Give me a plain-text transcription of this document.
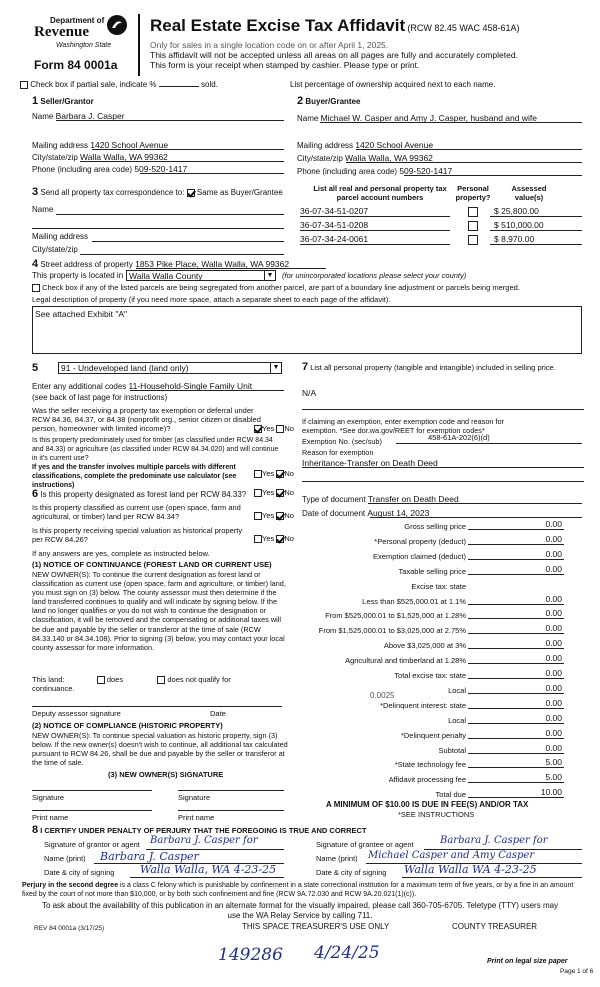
Department of
Revenue
Washington State
Form 84 0001a
Real Estate Excise Tax Affidavit (RCW 82.45 WAC 458-61A)
Only for sales in a single location code on or after April 1, 2025.
This affidavit will not be accepted unless all areas on all pages are fully and accurately completed.
This form is your receipt when stamped by cashier. Please type or print.
Check box if partial sale, indicate %	sold.	List percentage of ownership acquired next to each name.
1 Seller/Grantor
Name Barbara J. Casper
Mailing address 1420 School Avenue
City/state/zip Walla Walla, WA 99362
Phone (including area code) 509-520-1417
2 Buyer/Grantee
Name Michael W. Casper and Amy J. Casper, husband and wife
Mailing address 1420 School Avenue
City/state/zip Walla Walla, WA 99362
Phone (including area code) 509-520-1417
3 Send all property tax correspondence to: Same as Buyer/Grantee
Name
Mailing address
City/state/zip
List all real and personal property tax parcel account numbers
Personal property?
Assessed value(s)
36-07-34-51-0207	$ 25,800.00
36-07-34-51-0208	$ 510,000.00
36-07-34-24-0061	$ 8,970.00
4 Street address of property 1853 Pike Place, Walla Walla, WA 99362
This property is located in Walla Walla County	▼ (for unincorporated locations please select your county)
Check box if any of the listed parcels are being segregated from another parcel, are part of a boundary line adjustment or parcels being merged.
Legal description of property (if you need more space, attach a separate sheet to each page of the affidavit).
See attached Exhibit "A"
5	91 - Undeveloped land (land only)	▼
Enter any additional codes 11-Household-Single Family Unit
(see back of last page for instructions)
Was the seller receiving a property tax exemption or deferral under RCW 84.36, 84.37, or 84.38 (nonprofit org., senior citizen or disabled person, homeowner with limited income)?	Yes No
Is this property predominately used for timber (as classified under RCW 84.34 and 84.33) or agriculture (as classified under RCW 84.34.020) and will continue in it's current use?
If yes and the transfer involves multiple parcels with different classifications, complete the predominate use calculator (see instructions)
Yes No
6 Is this property designated as forest land per RCW 84.33?	Yes No
Is this property classified as current use (open space, farm and agricultural, or timber) land per RCW 84.34?	Yes No
Is this property receiving special valuation as historical property per RCW 84.26?	Yes No
If any answers are yes, complete as instructed below.
(1) NOTICE OF CONTINUANCE (FOREST LAND OR CURRENT USE)
NEW OWNER(S): To continue the current designation as forest land or classification as current use (open space, farm and agriculture, or timber) land, you must sign on (3) below. The county assessor must then determine if the land transferred continues to qualify and will indicate by signing below. If the land no longer qualifies or you do not wish to continue the designation or classification, it will be removed and the compensating or additional taxes will be due and payable by the seller or transferor at the time of sale (RCW 84.33.140 or 84.34.108). Prior to signing (3) below, you may contact your local county assessor for more information.
This land:	does	does not qualify for
continuance.
Deputy assessor signature	Date
(2) NOTICE OF COMPLIANCE (HISTORIC PROPERTY)
NEW OWNER(S): To continue special valuation as historic property, sign (3) below. If the new owner(s) doesn't wish to continue, all additional tax calculated pursuant to RCW 84.26, shall be due and payable by the seller or transferor at the time of sale.
(3) NEW OWNER(S) SIGNATURE
Signature	Signature
Print name	Print name
7 List all personal property (tangible and intangible) included in selling price.
N/A
If claiming an exemption, enter exemption code and reason for exemption. *See dor.wa.gov/REET for exemption codes*
Exemption No. (sec/sub)	458-61A-202(6)(d)
Reason for exemption
Inheritance-Transfer on Death Deed
Type of document Transfer on Death Deed
Date of document August 14, 2023
Gross selling price	0.00
*Personal property (deduct)	0.00
Exemption claimed (deduct)	0.00
Taxable selling price	0.00
Excise tax: state
Less than $525,000.01 at 1.1%	0.00
From $525,000.01 to $1,525,000 at 1.28%	0.00
From $1,525,000.01 to $3,025,000 at 2.75%	0.00
Above $3,025,000 at 3%	0.00
Agricultural and timberland at 1.28%	0.00
Total excise tax: state	0.00
Local	0.00
*Delinquent interest: state	0.00
Local	0.00
*Delinquent penalty	0.00
Subtotal	0.00
*State technology fee	5.00
Affidavit processing fee	5.00
Total due	10.00
0.0025
A MINIMUM OF $10.00 IS DUE IN FEE(S) AND/OR TAX
*SEE INSTRUCTIONS
8 I CERTIFY UNDER PENALTY OF PERJURY THAT THE FOREGOING IS TRUE AND CORRECT
Signature of grantor or agent Barbara J. Casper for
Name (print) Barbara J. Casper
Date & city of signing Walla Walla, WA 4-23-25
Signature of grantee or agent	Barbara J. Casper for
Name (print) Michael Casper and Amy Casper
Date & city of signing Walla Walla WA 4-23-25
Perjury in the second degree is a class C felony which is punishable by confinement in a state correctional institution for a maximum term of five years, or by a fine in an amount fixed by the court of not more than $10,000, or by both such confinement and fine (RCW 9A.72.030 and RCW 9A.20.021(1)(c)).
To ask about the availability of this publication in an alternate format for the visually impaired, please call 360-705-6705. Teletype (TTY) users may use the WA Relay Service by calling 711.
REV 84 0001a (3/17/25)	THIS SPACE TREASURER'S USE ONLY	COUNTY TREASURER
149286 4/24/25	Print on legal size paper
Page 1 of 6
